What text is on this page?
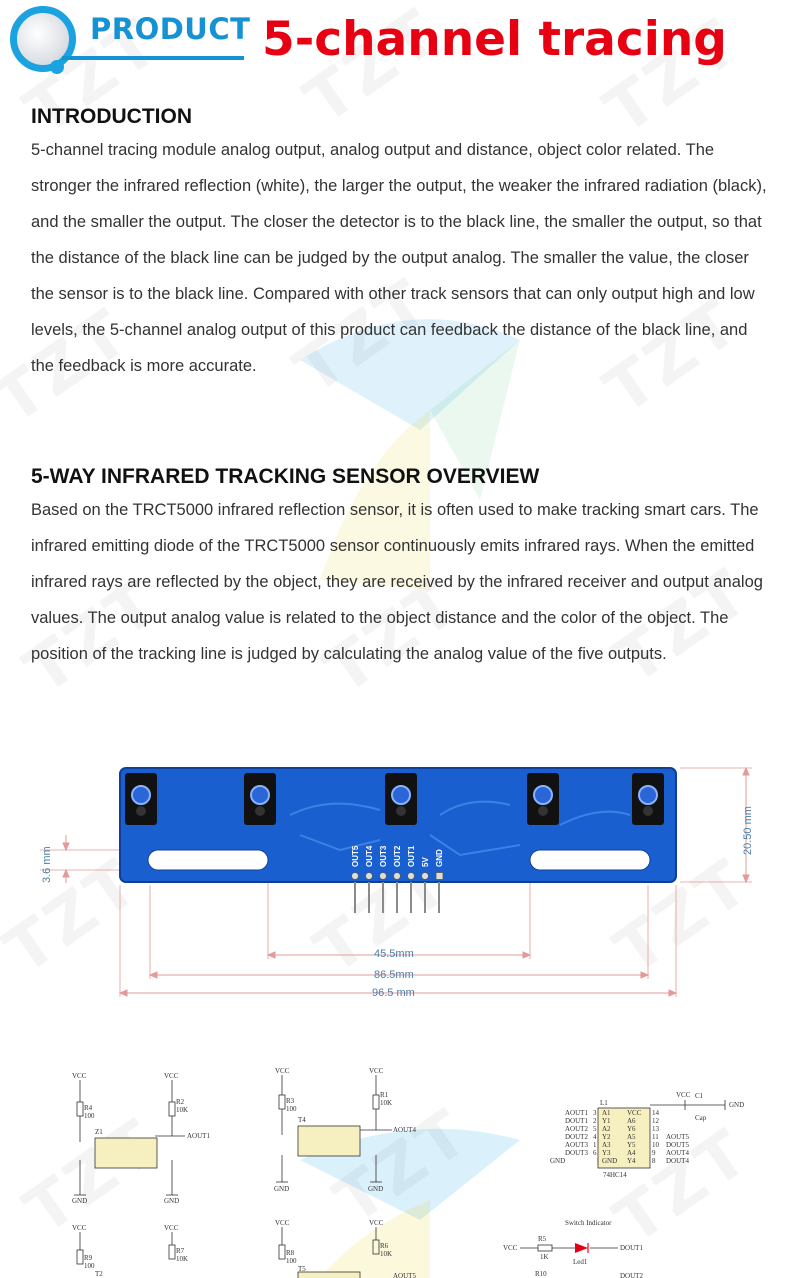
PRODUCT 5-channel tracing
INTRODUCTION

5-channel tracing module analog output, analog output and distance, object color related. The stronger the infrared reflection (white), the larger the output, the weaker the infrared radiation (black), and the smaller the output. The closer the detector is to the black line, the smaller the output, so that the distance of the black line can be judged by the output analog. The smaller the value, the closer the sensor is to the black line. Compared with other track sensors that can only output high and low levels, the 5-channel analog output of this product can feedback the distance of the black line, and the feedback is more accurate.

5-WAY INFRARED TRACKING SENSOR OVERVIEW

Based on the TRCT5000 infrared reflection sensor, it is often used to make tracking smart cars. The infrared emitting diode of the TRCT5000 sensor continuously emits infrared rays. When the emitted infrared rays are reflected by the object, they are received by the infrared receiver and output analog values. The output analog value is related to the object distance and the color of the object. The position of the tracking line is judged by calculating the analog value of the five outputs.

OUT5 OUT4 OUT3 OUT2 OUT1 5V GND
45.5mm
86.5mm
96.5 mm
20.50 mm
3.6 mm
VCC	VCC
R4
100
R2
10K
Z1	AOUT1
GND	GND
VCC	VCC
R3
100
R1
10K
T4
AOUT4
GND	GND
VCC	VCC
R9
100
R7
10K
T2
VCC	VCC
R8
100
R6
10K
T5
AOUT5
L1
VCC C1
Cap
GND
74HC14
GND
AOUT1
DOUT1
AOUT2
DOUT2
AOUT3
DOUT3
3
2
5
4
1
6
A1
Y1
A2
Y2
A3
Y3
GND
VCC
A6
Y6
A5
Y5
A4
Y4
14
12
13
11
10
9
8
AOUT5
DOUT5
AOUT4
DOUT4
Switch Indicator
VCC
R5
1K
Led1
DOUT1
R10	DOUT2
